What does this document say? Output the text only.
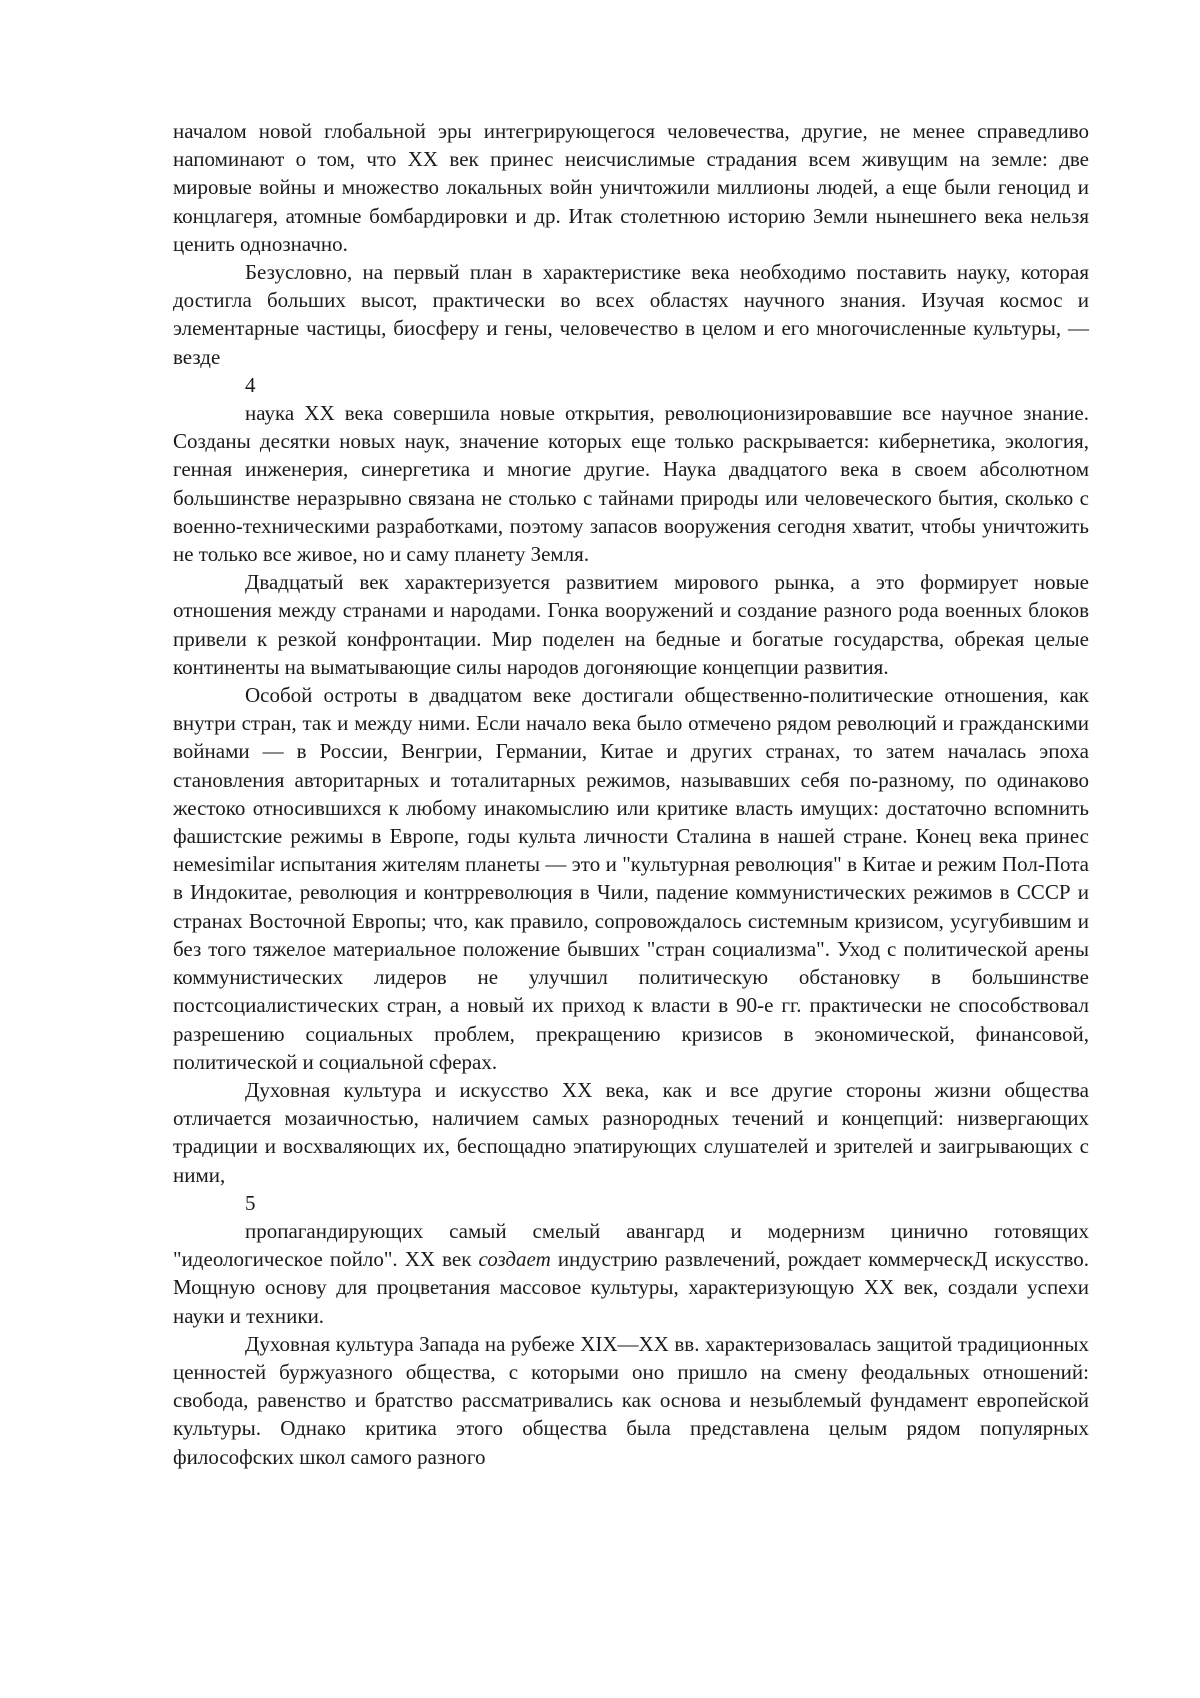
началом новой глобальной эры интегрирующегося человечества, другие, не менее справедливо напоминают о том, что XX век принес неисчислимые страдания всем живущим на земле: две мировые войны и множество локальных войн уничтожили миллионы людей, а еще были геноцид и концлагеря, атомные бомбардировки и др. Итак столетнюю историю Земли нынешнего века нельзя ценить однозначно.

Безусловно, на первый план в характеристике века необходимо поставить науку, которая достигла больших высот, практически во всех областях научного знания. Изучая космос и элементарные частицы, биосферу и гены, человечество в целом и его многочисленные культуры, — везде

4

наука XX века совершила новые открытия, революционизировавшие все научное знание. Созданы десятки новых наук, значение которых еще только раскрывается: кибернетика, экология, генная инженерия, синергетика и многие другие. Наука двадцатого века в своем абсолютном большинстве неразрывно связана не столько с тайнами природы или человеческого бытия, сколько с военно-техническими разработками, поэтому запасов вооружения сегодня хватит, чтобы уничтожить не только все живое, но и саму планету Земля.

Двадцатый век характеризуется развитием мирового рынка, а это формирует новые отношения между странами и народами. Гонка вооружений и создание разного рода военных блоков привели к резкой конфронтации. Мир поделен на бедные и богатые государства, обрекая целые континенты на выматывающие силы народов догоняющие концепции развития.

Особой остроты в двадцатом веке достигали общественно-политические отношения, как внутри стран, так и между ними. Если начало века было отмечено рядом революций и гражданскими войнами — в России, Венгрии, Германии, Китае и других странах, то затем началась эпоха становления авторитарных и тоталитарных режимов, называвших себя по-разному, по одинаково жестоко относившихся к любому инакомыслию или критике власть имущих: достаточно вспомнить фашистские режимы в Европе, годы культа личности Сталина в нашей стране. Конец века принес немеsimilar испытания жителям планеты — это и "культурная революция" в Китае и режим Пол-Пота в Индокитае, революция и контрреволюция в Чили, падение коммунистических режимов в СССР и странах Восточной Европы; что, как правило, сопровождалось системным кризисом, усугубившим и без того тяжелое материальное положение бывших "стран социализма". Уход с политической арены коммунистических лидеров не улучшил политическую обстановку в большинстве постсоциалистических стран, а новый их приход к власти в 90-е гг. практически не способствовал разрешению социальных проблем, прекращению кризисов в экономической, финансовой, политической и социальной сферах.

Духовная культура и искусство XX века, как и все другие стороны жизни общества отличается мозаичностью, наличием самых разнородных течений и концепций: низвергающих традиции и восхваляющих их, беспощадно эпатирующих слушателей и зрителей и заигрывающих с ними,

5

пропагандирующих самый смелый авангард и модернизм цинично готовящих "идеологическое пойло". XX век создает индустрию развлечений, рождает коммерческД искусство. Мощную основу для процветания массовое культуры, характеризующую XX век, создали успехи науки и техники.

Духовная культура Запада на рубеже XIX—XX вв. характеризовалась защитой традиционных ценностей буржуазного общества, с которыми оно пришло на смену феодальных отношений: свобода, равенство и братство рассматривались как основа и незыблемый фундамент европейской культуры. Однако критика этого общества была представлена целым рядом популярных философских школ самого разного
